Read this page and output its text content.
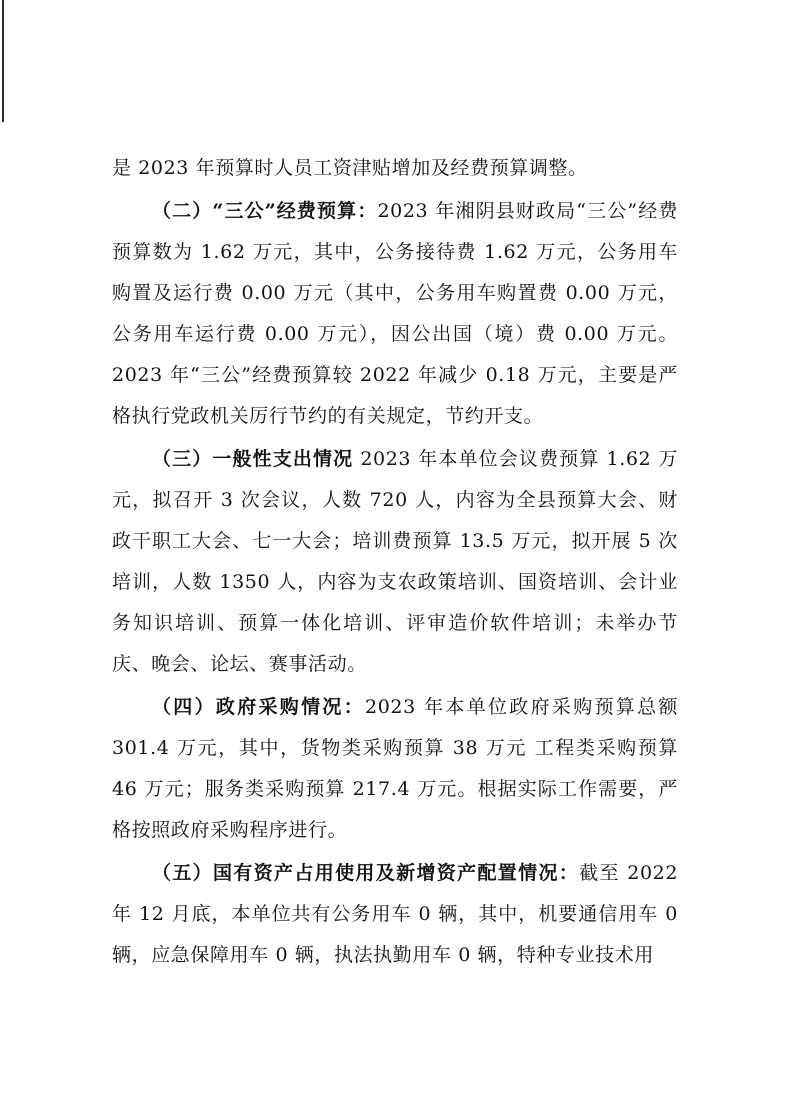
是 2023 年预算时人员工资津贴增加及经费预算调整。

（二）“三公”经费预算：2023 年湘阴县财政局“三公”经费预算数为 1.62 万元，其中，公务接待费 1.62 万元，公务用车购置及运行费 0.00 万元（其中，公务用车购置费 0.00 万元，公务用车运行费 0.00 万元），因公出国（境）费 0.00 万元。2023 年“三公”经费预算较 2022 年减少 0.18 万元，主要是严格执行党政机关厉行节约的有关规定，节约开支。

（三）一般性支出情况 2023 年本单位会议费预算 1.62 万元，拟召开 3 次会议，人数 720 人，内容为全县预算大会、财政干职工大会、七一大会；培训费预算 13.5 万元，拟开展 5 次培训，人数 1350 人，内容为支农政策培训、国资培训、会计业务知识培训、预算一体化培训、评审造价软件培训；未举办节庆、晚会、论坛、赛事活动。

（四）政府采购情况：2023 年本单位政府采购预算总额 301.4 万元，其中，货物类采购预算 38 万元 工程类采购预算 46 万元；服务类采购预算 217.4 万元。根据实际工作需要，严格按照政府采购程序进行。

（五）国有资产占用使用及新增资产配置情况：截至 2022 年 12 月底，本单位共有公务用车 0 辆，其中，机要通信用车 0 辆，应急保障用车 0 辆，执法执勤用车 0 辆，特种专业技术用
